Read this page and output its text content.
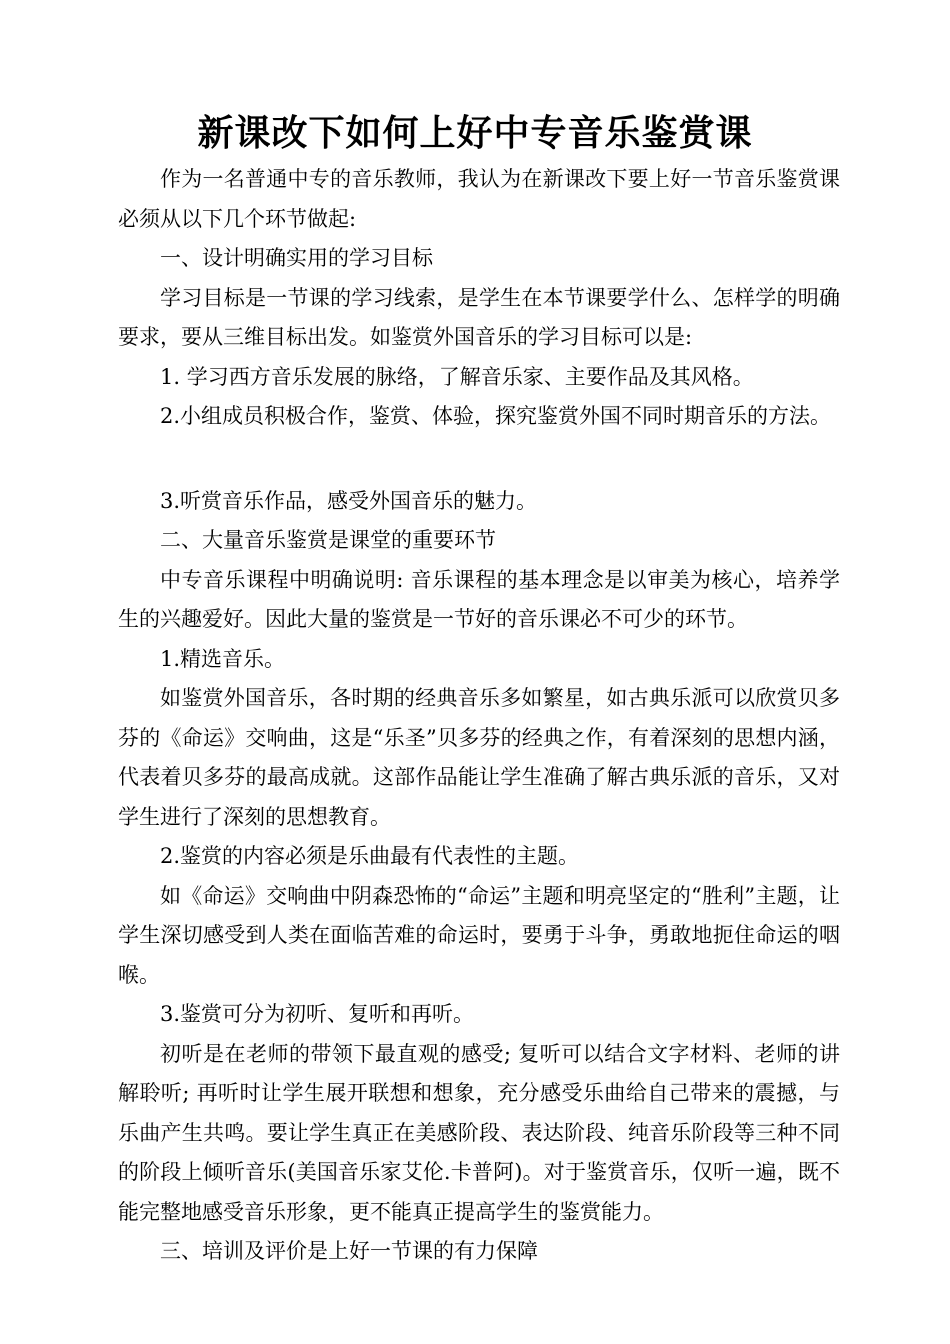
新课改下如何上好中专音乐鉴赏课

作为一名普通中专的音乐教师，我认为在新课改下要上好一节音乐鉴赏课必须从以下几个环节做起:

一、设计明确实用的学习目标

学习目标是一节课的学习线索，是学生在本节课要学什么、怎样学的明确要求，要从三维目标出发。如鉴赏外国音乐的学习目标可以是:

1. 学习西方音乐发展的脉络，了解音乐家、主要作品及其风格。

2.小组成员积极合作，鉴赏、体验，探究鉴赏外国不同时期音乐的方法。

3.听赏音乐作品，感受外国音乐的魅力。

二、大量音乐鉴赏是课堂的重要环节

中专音乐课程中明确说明: 音乐课程的基本理念是以审美为核心，培养学生的兴趣爱好。因此大量的鉴赏是一节好的音乐课必不可少的环节。

1.精选音乐。

如鉴赏外国音乐，各时期的经典音乐多如繁星，如古典乐派可以欣赏贝多芬的《命运》交响曲，这是“乐圣”贝多芬的经典之作，有着深刻的思想内涵，代表着贝多芬的最高成就。这部作品能让学生准确了解古典乐派的音乐，又对学生进行了深刻的思想教育。

2.鉴赏的内容必须是乐曲最有代表性的主题。

如《命运》交响曲中阴森恐怖的“命运”主题和明亮坚定的“胜利”主题，让学生深切感受到人类在面临苦难的命运时，要勇于斗争，勇敢地扼住命运的咽喉。

3.鉴赏可分为初听、复听和再听。

初听是在老师的带领下最直观的感受; 复听可以结合文字材料、老师的讲解聆听; 再听时让学生展开联想和想象，充分感受乐曲给自己带来的震撼，与乐曲产生共鸣。要让学生真正在美感阶段、表达阶段、纯音乐阶段等三种不同的阶段上倾听音乐(美国音乐家艾伦.卡普阿)。对于鉴赏音乐，仅听一遍，既不能完整地感受音乐形象，更不能真正提高学生的鉴赏能力。

三、培训及评价是上好一节课的有力保障
